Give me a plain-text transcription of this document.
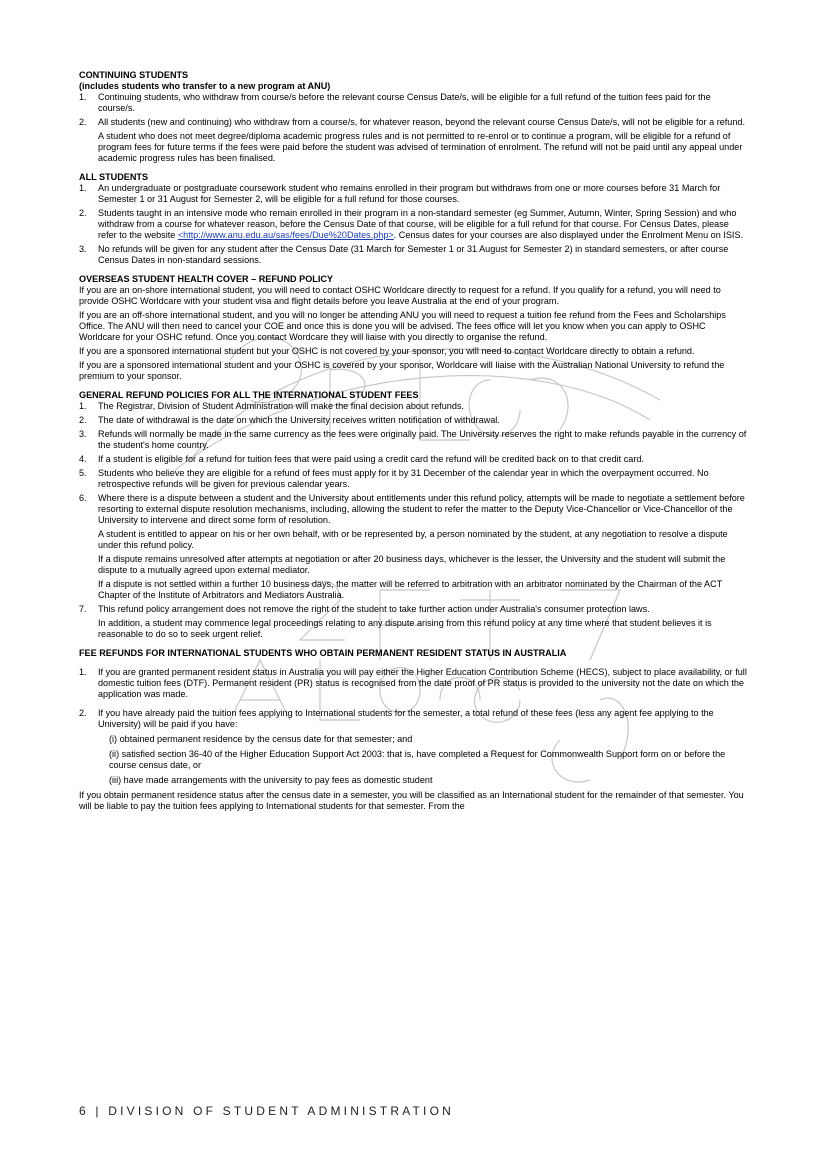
CONTINUING STUDENTS
(includes students who transfer to a new program at ANU)
1. Continuing students, who withdraw from course/s before the relevant course Census Date/s, will be eligible for a full refund of the tuition fees paid for the course/s.
2. All students (new and continuing) who withdraw from a course/s, for whatever reason, beyond the relevant course Census Date/s, will not be eligible for a refund.

A student who does not meet degree/diploma academic progress rules and is not permitted to re-enrol or to continue a program, will be eligible for a refund of program fees for future terms if the fees were paid before the student was advised of termination of enrolment. The refund will not be paid until any appeal under academic progress rules has been finalised.

ALL STUDENTS
1. An undergraduate or postgraduate coursework student who remains enrolled in their program but withdraws from one or more courses before 31 March for Semester 1 or 31 August for Semester 2, will be eligible for a full refund for those courses.
2. Students taught in an intensive mode who remain enrolled in their program in a non-standard semester (eg Summer, Autumn, Winter, Spring Session) and who withdraw from a course for whatever reason, before the Census Date of that course, will be eligible for a full refund for that course. For Census Dates, please refer to the website <http://www.anu.edu.au/sas/fees/Due%20Dates.php>. Census dates for your courses are also displayed under the Enrolment Menu on ISIS.
3. No refunds will be given for any student after the Census Date (31 March for Semester 1 or 31 August for Semester 2) in standard semesters, or after course Census Dates in non-standard sessions.
OVERSEAS STUDENT HEALTH COVER – REFUND POLICY

If you are an on-shore international student, you will need to contact OSHC Worldcare directly to request for a refund. If you qualify for a refund, you will need to provide OSHC Worldcare with your student visa and flight details before you leave Australia at the end of your program.

If you are an off-shore international student, and you will no longer be attending ANU you will need to request a tuition fee refund from the Fees and Scholarships Office. The ANU will then need to cancel your COE and once this is done you will be advised. The fees office will let you know when you can apply to OSHC Worldcare for your OSHC refund. Once you contact Wordcare they will liaise with you directly to organise the refund.

If you are a sponsored international student but your OSHC is not covered by your sponsor, you will need to contact Worldcare directly to obtain a refund.

If you are a sponsored international student and your OSHC is covered by your sponsor, Worldcare will liaise with the Australian National University to refund the premium to your sponsor.

GENERAL REFUND POLICIES FOR ALL THE INTERNATIONAL STUDENT FEES
1. The Registrar, Division of Student Administration will make the final decision about refunds.
2. The date of withdrawal is the date on which the University receives written notification of withdrawal.
3. Refunds will normally be made in the same currency as the fees were originally paid. The University reserves the right to make refunds payable in the currency of the student's home country.
4. If a student is eligible for a refund for tuition fees that were paid using a credit card the refund will be credited back on to that credit card.
5. Students who believe they are eligible for a refund of fees must apply for it by 31 December of the calendar year in which the overpayment occurred. No retrospective refunds will be given for previous calendar years.
6. Where there is a dispute between a student and the University about entitlements under this refund policy, attempts will be made to negotiate a settlement before resorting to external dispute resolution mechanisms, including, allowing the student to refer the matter to the Deputy Vice-Chancellor or Vice-Chancellor of the University to intervene and direct some form of resolution.

A student is entitled to appear on his or her own behalf, with or be represented by, a person nominated by the student, at any negotiation to resolve a dispute under this refund policy.

If a dispute remains unresolved after attempts at negotiation or after 20 business days, whichever is the lesser, the University and the student will submit the dispute to a mutually agreed upon external mediator.

If a dispute is not settled within a further 10 business days, the matter will be referred to arbitration with an arbitrator nominated by the Chairman of the ACT Chapter of the Institute of Arbitrators and Mediators Australia.

7. This refund policy arrangement does not remove the right of the student to take further action under Australia's consumer protection laws.

In addition, a student may commence legal proceedings relating to any dispute arising from this refund policy at any time where that student believes it is reasonable to do so to seek urgent relief.

FEE REFUNDS FOR INTERNATIONAL STUDENTS WHO OBTAIN PERMANENT RESIDENT STATUS IN AUSTRALIA
1. If you are granted permanent resident status in Australia you will pay either the Higher Education Contribution Scheme (HECS), subject to place availability, or full domestic tuition fees (DTF). Permanent resident (PR) status is recognised from the date proof of PR status is provided to the university not the date on which the application was made.
2. If you have already paid the tuition fees applying to International students for the semester, a total refund of these fees (less any agent fee applying to the University) will be paid if you have:

(i) obtained permanent residence by the census date for that semester; and

(ii) satisfied section 36-40 of the Higher Education Support Act 2003: that is, have completed a Request for Commonwealth Support form on or before the course census date, or

(iii) have made arrangements with the university to pay fees as domestic student

If you obtain permanent residence status after the census date in a semester, you will be classified as an International student for the remainder of that semester. You will be liable to pay the tuition fees applying to International students for that semester. From the

6 | DIVISION OF STUDENT ADMINISTRATION
